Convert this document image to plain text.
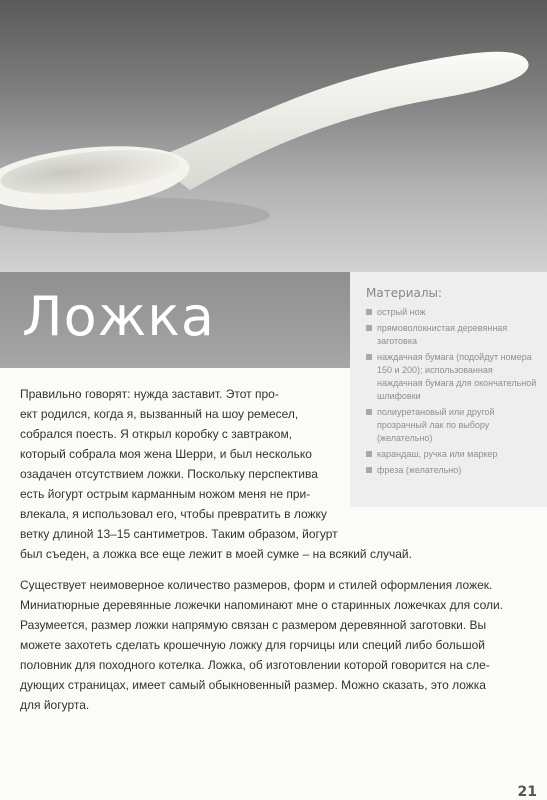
Ложка	Материалы:
острый нож
прямоволокнистая деревянная заготовка
наждачная бумага (подойдут номера 150 и 200); использованная наждачная бумага для окончательной шлифовки
полиуретановый или другой прозрачный лак по выбору (желательно)
карандаш, ручка или маркер
фреза (желательно)

Правильно говорят: нужда заставит. Этот про-
ект родился, когда я, вызванный на шоу ремесел,
собрался поесть. Я открыл коробку с завтраком,
который собрала моя жена Шерри, и был несколько
озадачен отсутствием ложки. Поскольку перспектива
есть йогурт острым карманным ножом меня не при-
влекала, я использовал его, чтобы превратить в ложку
ветку длиной 13–15 сантиметров. Таким образом, йогурт
был съеден, а ложка все еще лежит в моей сумке – на всякий случай.

Существует неимоверное количество размеров, форм и стилей оформления ложек.
Миниатюрные деревянные ложечки напоминают мне о старинных ложечках для соли.
Разумеется, размер ложки напрямую связан с размером деревянной заготовки. Вы
можете захотеть сделать крошечную ложку для горчицы или специй либо большой
половник для походного котелка. Ложка, об изготовлении которой говорится на сле-
дующих страницах, имеет самый обыкновенный размер. Можно сказать, это ложка
для йогурта.

21
